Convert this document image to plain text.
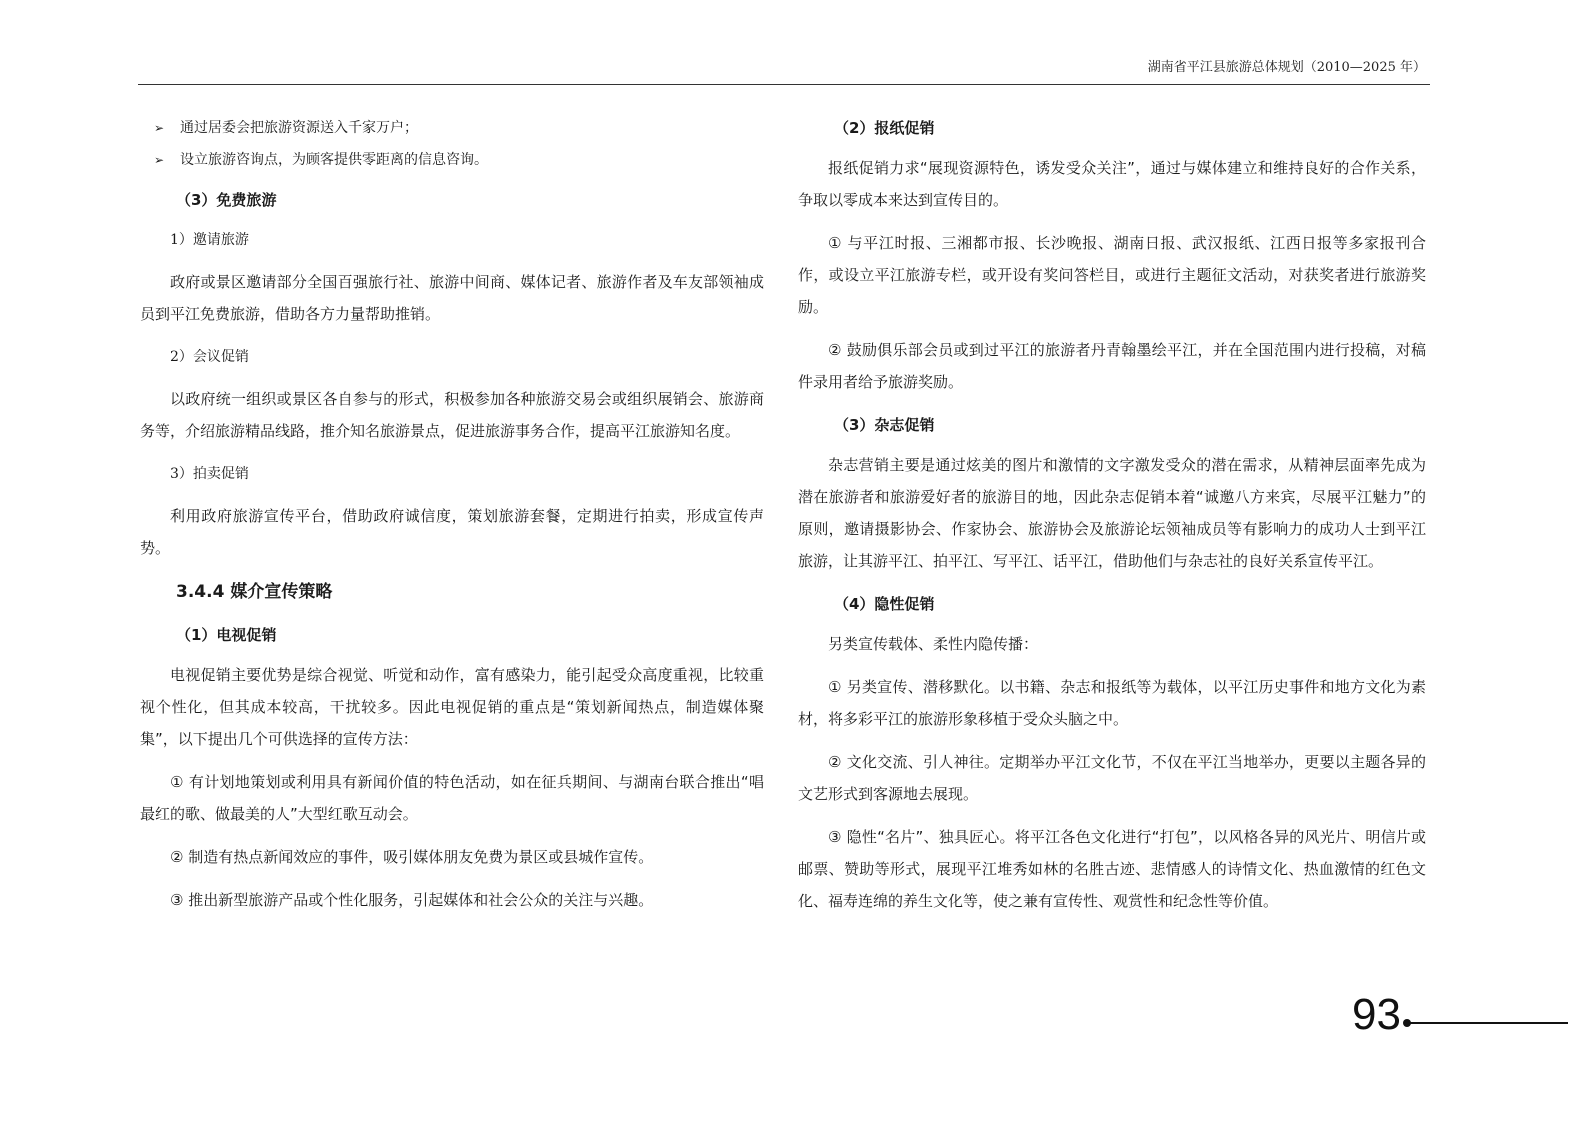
湖南省平江县旅游总体规划（2010—2025 年）
➢ 通过居委会把旅游资源送入千家万户；
➢ 设立旅游咨询点，为顾客提供零距离的信息咨询。
（3）免费旅游
1）邀请旅游

政府或景区邀请部分全国百强旅行社、旅游中间商、媒体记者、旅游作者及车友部领袖成员到平江免费旅游，借助各方力量帮助推销。

2）会议促销

以政府统一组织或景区各自参与的形式，积极参加各种旅游交易会或组织展销会、旅游商务等，介绍旅游精品线路，推介知名旅游景点，促进旅游事务合作，提高平江旅游知名度。

3）拍卖促销

利用政府旅游宣传平台，借助政府诚信度，策划旅游套餐，定期进行拍卖，形成宣传声势。

3.4.4 媒介宣传策略
（1）电视促销

电视促销主要优势是综合视觉、听觉和动作，富有感染力，能引起受众高度重视，比较重视个性化，但其成本较高，干扰较多。因此电视促销的重点是“策划新闻热点，制造媒体聚集”，以下提出几个可供选择的宣传方法：

① 有计划地策划或利用具有新闻价值的特色活动，如在征兵期间、与湖南台联合推出“唱最红的歌、做最美的人”大型红歌互动会。

② 制造有热点新闻效应的事件，吸引媒体朋友免费为景区或县城作宣传。

③ 推出新型旅游产品或个性化服务，引起媒体和社会公众的关注与兴趣。

（2）报纸促销

报纸促销力求“展现资源特色，诱发受众关注”，通过与媒体建立和维持良好的合作关系，争取以零成本来达到宣传目的。

① 与平江时报、三湘都市报、长沙晚报、湖南日报、武汉报纸、江西日报等多家报刊合作，或设立平江旅游专栏，或开设有奖问答栏目，或进行主题征文活动，对获奖者进行旅游奖励。

② 鼓励俱乐部会员或到过平江的旅游者丹青翰墨绘平江，并在全国范围内进行投稿，对稿件录用者给予旅游奖励。

（3）杂志促销

杂志营销主要是通过炫美的图片和激情的文字激发受众的潜在需求，从精神层面率先成为潜在旅游者和旅游爱好者的旅游目的地，因此杂志促销本着“诚邀八方来宾，尽展平江魅力”的原则，邀请摄影协会、作家协会、旅游协会及旅游论坛领袖成员等有影响力的成功人士到平江旅游，让其游平江、拍平江、写平江、话平江，借助他们与杂志社的良好关系宣传平江。

（4）隐性促销

另类宣传载体、柔性内隐传播：

① 另类宣传、潜移默化。以书籍、杂志和报纸等为载体，以平江历史事件和地方文化为素材，将多彩平江的旅游形象移植于受众头脑之中。

② 文化交流、引人神往。定期举办平江文化节，不仅在平江当地举办，更要以主题各异的文艺形式到客源地去展现。

③ 隐性“名片”、独具匠心。将平江各色文化进行“打包”，以风格各异的风光片、明信片或邮票、赞助等形式，展现平江堆秀如林的名胜古迹、悲情感人的诗情文化、热血激情的红色文化、福寿连绵的养生文化等，使之兼有宣传性、观赏性和纪念性等价值。

93
